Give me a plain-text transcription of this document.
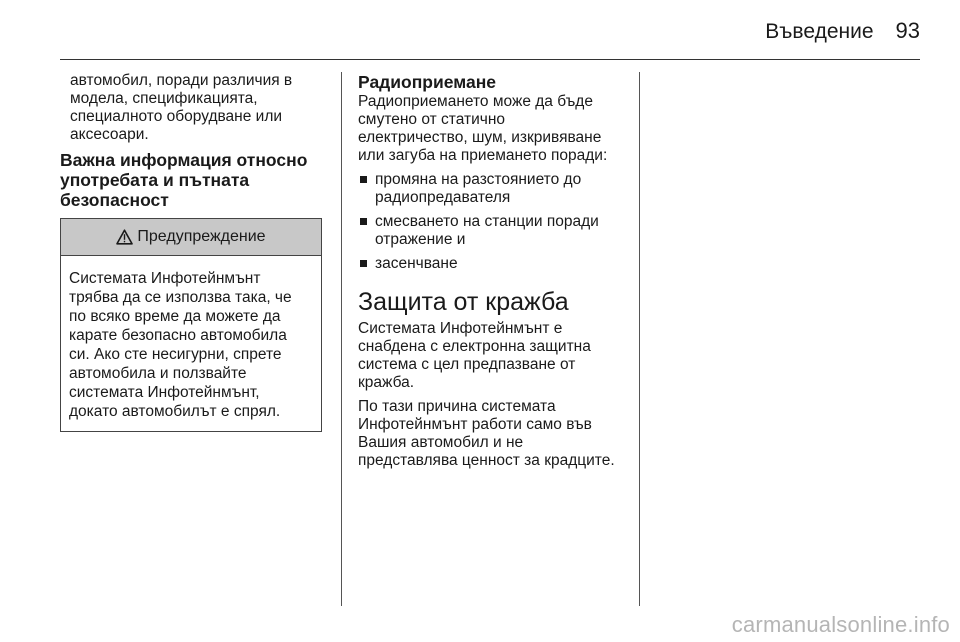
Въведение 93

автомобил, поради различия в
модела, спецификацията,
специалното оборудване или
аксесоари.

Важна информация относно
употребата и пътната
безопасност
Предупреждение
Системата Инфотейнмънт
трябва да се използва така, че
по всяко време да можете да
карате безопасно автомобила
си. Ако сте несигурни, спрете
автомобила и ползвайте
системата Инфотейнмънт,
докато автомобилът е спрял.
Радиоприемане

Радиоприемането може да бъде
смутено от статично
електричество, шум, изкривяване
или загуба на приемането поради:

промяна на разстоянието до
радиопредавателя
смесването на станции поради
отражение и
засенчване
Защита от кражба

Системата Инфотейнмънт е
снабдена с електронна защитна
система с цел предпазване от
кражба.

По тази причина системата
Инфотейнмънт работи само във
Вашия автомобил и не
представлява ценност за крадците.

carmanualsonline.info
